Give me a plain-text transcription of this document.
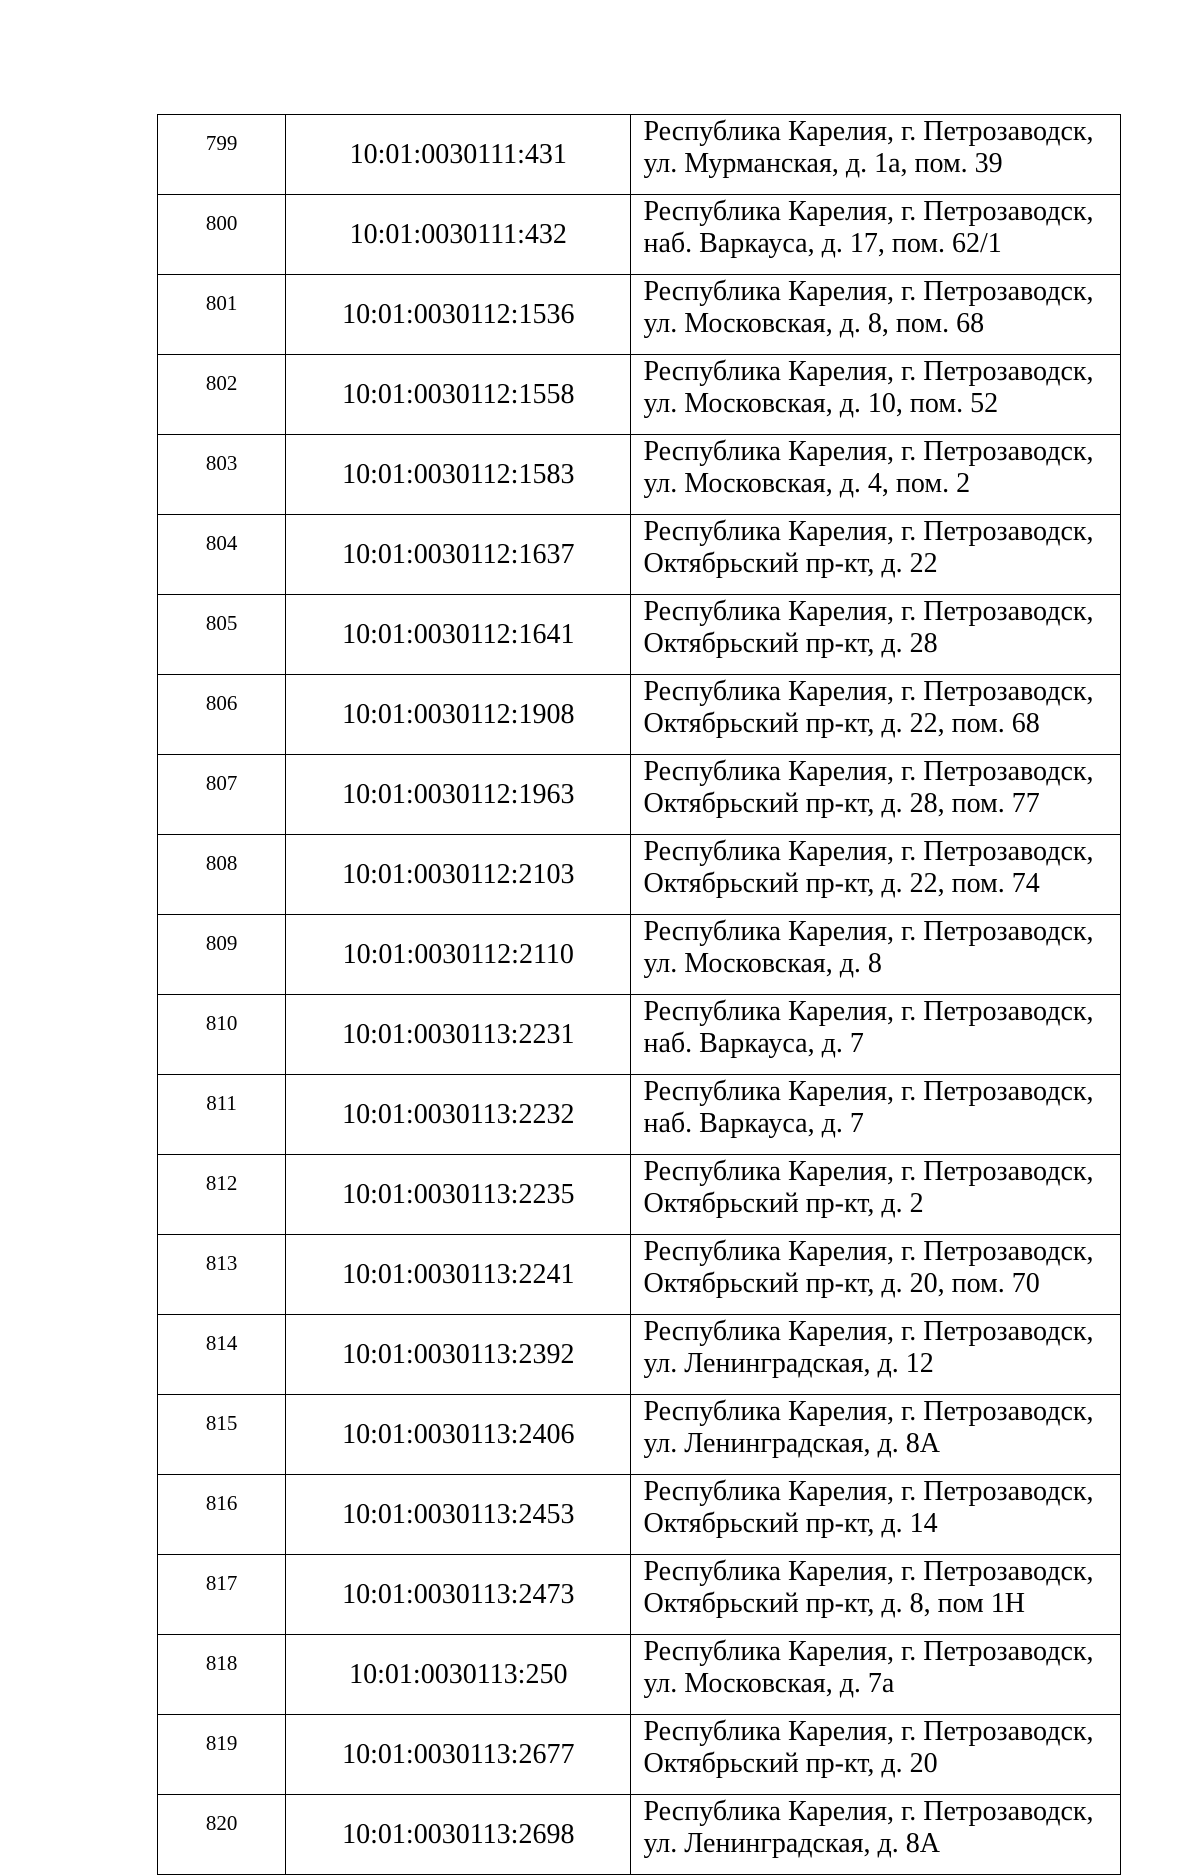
799	10:01:0030111:431	Республика Карелия, г. Петрозаводск,
ул. Мурманская, д. 1а, пом. 39

800	10:01:0030111:432	Республика Карелия, г. Петрозаводск,
наб. Варкауса, д. 17, пом. 62/1

801	10:01:0030112:1536	Республика Карелия, г. Петрозаводск,
ул. Московская, д. 8, пом. 68

802	10:01:0030112:1558	Республика Карелия, г. Петрозаводск,
ул. Московская, д. 10, пом. 52

803	10:01:0030112:1583	Республика Карелия, г. Петрозаводск,
ул. Московская, д. 4, пом. 2

804	10:01:0030112:1637	Республика Карелия, г. Петрозаводск,
Октябрьский пр-кт, д. 22

805	10:01:0030112:1641	Республика Карелия, г. Петрозаводск,
Октябрьский пр-кт, д. 28

806	10:01:0030112:1908	Республика Карелия, г. Петрозаводск,
Октябрьский пр-кт, д. 22, пом. 68

807	10:01:0030112:1963	Республика Карелия, г. Петрозаводск,
Октябрьский пр-кт, д. 28, пом. 77

808	10:01:0030112:2103	Республика Карелия, г. Петрозаводск,
Октябрьский пр-кт, д. 22, пом. 74

809	10:01:0030112:2110	Республика Карелия, г. Петрозаводск,
ул. Московская, д. 8

810	10:01:0030113:2231	Республика Карелия, г. Петрозаводск,
наб. Варкауса, д. 7

811	10:01:0030113:2232	Республика Карелия, г. Петрозаводск,
наб. Варкауса, д. 7

812	10:01:0030113:2235	Республика Карелия, г. Петрозаводск,
Октябрьский пр-кт, д. 2

813	10:01:0030113:2241	Республика Карелия, г. Петрозаводск,
Октябрьский пр-кт, д. 20, пом. 70

814	10:01:0030113:2392	Республика Карелия, г. Петрозаводск,
ул. Ленинградская, д. 12

815	10:01:0030113:2406	Республика Карелия, г. Петрозаводск,
ул. Ленинградская, д. 8А

816	10:01:0030113:2453	Республика Карелия, г. Петрозаводск,
Октябрьский пр-кт, д. 14

817	10:01:0030113:2473	Республика Карелия, г. Петрозаводск,
Октябрьский пр-кт, д. 8, пом 1Н

818	10:01:0030113:250	Республика Карелия, г. Петрозаводск,
ул. Московская, д. 7а

819	10:01:0030113:2677	Республика Карелия, г. Петрозаводск,
Октябрьский пр-кт, д. 20

820	10:01:0030113:2698	Республика Карелия, г. Петрозаводск,
ул. Ленинградская, д. 8А
